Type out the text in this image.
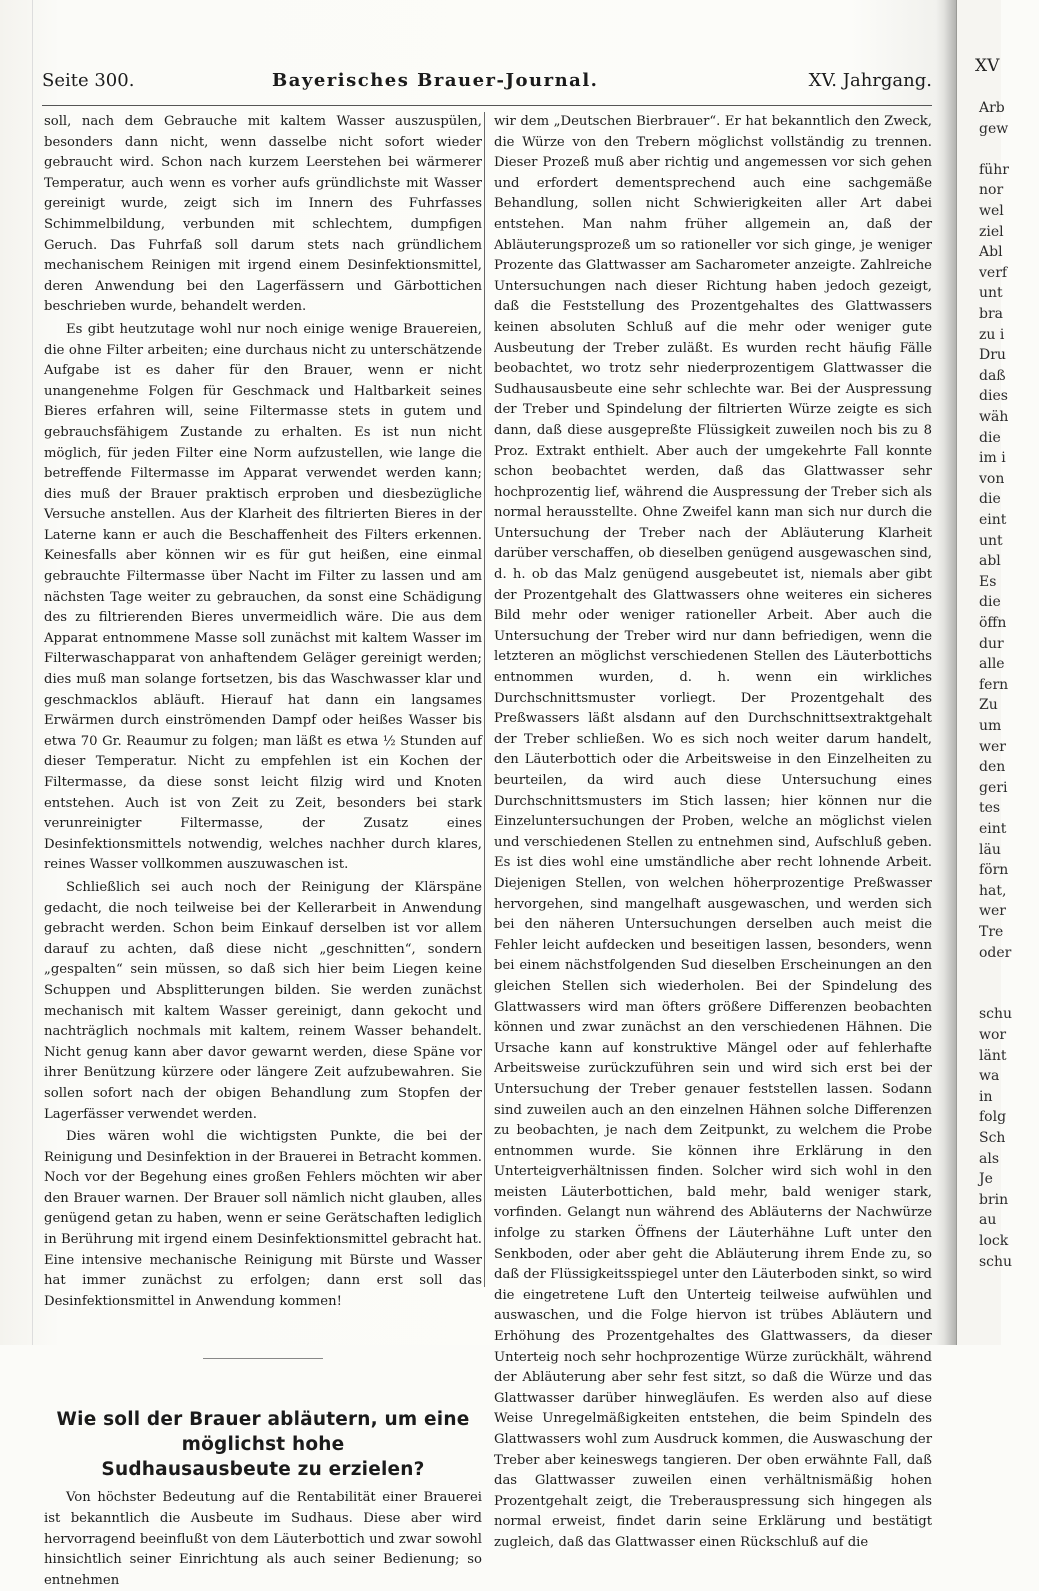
Seite 300.	Bayerisches Brauer-Journal.	XV. Jahrgang.

soll, nach dem Gebrauche mit kaltem Wasser auszuspülen, besonders dann nicht, wenn dasselbe nicht sofort wieder gebraucht wird. Schon nach kurzem Leerstehen bei wärmerer Temperatur, auch wenn es vorher aufs gründlichste mit Wasser gereinigt wurde, zeigt sich im Innern des Fuhrfasses Schimmelbildung, verbunden mit schlechtem, dumpfigen Geruch. Das Fuhrfaß soll darum stets nach gründlichem mechanischem Reinigen mit irgend einem Desinfektionsmittel, deren Anwendung bei den Lagerfässern und Gärbottichen beschrieben wurde, behandelt werden.

Es gibt heutzutage wohl nur noch einige wenige Brauereien, die ohne Filter arbeiten; eine durchaus nicht zu unterschätzende Aufgabe ist es daher für den Brauer, wenn er nicht unangenehme Folgen für Geschmack und Haltbarkeit seines Bieres erfahren will, seine Filtermasse stets in gutem und gebrauchsfähigem Zustande zu erhalten. Es ist nun nicht möglich, für jeden Filter eine Norm aufzustellen, wie lange die betreffende Filtermasse im Apparat verwendet werden kann; dies muß der Brauer praktisch erproben und diesbezügliche Versuche anstellen. Aus der Klarheit des filtrierten Bieres in der Laterne kann er auch die Beschaffenheit des Filters erkennen. Keinesfalls aber können wir es für gut heißen, eine einmal gebrauchte Filtermasse über Nacht im Filter zu lassen und am nächsten Tage weiter zu gebrauchen, da sonst eine Schädigung des zu filtrierenden Bieres unvermeidlich wäre. Die aus dem Apparat entnommene Masse soll zunächst mit kaltem Wasser im Filterwaschapparat von anhaftendem Geläger gereinigt werden; dies muß man solange fortsetzen, bis das Waschwasser klar und geschmacklos abläuft. Hierauf hat dann ein langsames Erwärmen durch einströmenden Dampf oder heißes Wasser bis etwa 70 Gr. Reaumur zu folgen; man läßt es etwa ½ Stunden auf dieser Temperatur. Nicht zu empfehlen ist ein Kochen der Filtermasse, da diese sonst leicht filzig wird und Knoten entstehen. Auch ist von Zeit zu Zeit, besonders bei stark verunreinigter Filtermasse, der Zusatz eines Desinfektionsmittels notwendig, welches nachher durch klares, reines Wasser vollkommen auszuwaschen ist.

Schließlich sei auch noch der Reinigung der Klärspäne gedacht, die noch teilweise bei der Kellerarbeit in Anwendung gebracht werden. Schon beim Einkauf derselben ist vor allem darauf zu achten, daß diese nicht „geschnitten“, sondern „gespalten“ sein müssen, so daß sich hier beim Liegen keine Schuppen und Absplitterungen bilden. Sie werden zunächst mechanisch mit kaltem Wasser gereinigt, dann gekocht und nachträglich nochmals mit kaltem, reinem Wasser behandelt. Nicht genug kann aber davor gewarnt werden, diese Späne vor ihrer Benützung kürzere oder längere Zeit aufzubewahren. Sie sollen sofort nach der obigen Behandlung zum Stopfen der Lagerfässer verwendet werden.

Dies wären wohl die wichtigsten Punkte, die bei der Reinigung und Desinfektion in der Brauerei in Betracht kommen. Noch vor der Begehung eines großen Fehlers möchten wir aber den Brauer warnen. Der Brauer soll nämlich nicht glauben, alles genügend getan zu haben, wenn er seine Gerätschaften lediglich in Berührung mit irgend einem Desinfektionsmittel gebracht hat. Eine intensive mechanische Reinigung mit Bürste und Wasser hat immer zunächst zu erfolgen; dann erst soll das Desinfektionsmittel in Anwendung kommen!

Wie soll der Brauer abläutern, um eine möglichst hohe
Sudhausausbeute zu erzielen?

Von höchster Bedeutung auf die Rentabilität einer Brauerei ist bekanntlich die Ausbeute im Sudhaus. Diese aber wird hervorragend beeinflußt von dem Läuterbottich und zwar sowohl hinsichtlich seiner Einrichtung als auch seiner Bedienung; so entnehmen

wir dem „Deutschen Bierbrauer“. Er hat bekanntlich den Zweck, die Würze von den Trebern möglichst vollständig zu trennen. Dieser Prozeß muß aber richtig und angemessen vor sich gehen und erfordert dementsprechend auch eine sachgemäße Behandlung, sollen nicht Schwierigkeiten aller Art dabei entstehen. Man nahm früher allgemein an, daß der Abläuterungsprozeß um so rationeller vor sich ginge, je weniger Prozente das Glattwasser am Sacharometer anzeigte. Zahlreiche Untersuchungen nach dieser Richtung haben jedoch gezeigt, daß die Feststellung des Prozentgehaltes des Glattwassers keinen absoluten Schluß auf die mehr oder weniger gute Ausbeutung der Treber zuläßt. Es wurden recht häufig Fälle beobachtet, wo trotz sehr niederprozentigem Glattwasser die Sudhausausbeute eine sehr schlechte war. Bei der Auspressung der Treber und Spindelung der filtrierten Würze zeigte es sich dann, daß diese ausgepreßte Flüssigkeit zuweilen noch bis zu 8 Proz. Extrakt enthielt. Aber auch der umgekehrte Fall konnte schon beobachtet werden, daß das Glattwasser sehr hochprozentig lief, während die Auspressung der Treber sich als normal herausstellte. Ohne Zweifel kann man sich nur durch die Untersuchung der Treber nach der Abläuterung Klarheit darüber verschaffen, ob dieselben genügend ausgewaschen sind, d. h. ob das Malz genügend ausgebeutet ist, niemals aber gibt der Prozentgehalt des Glattwassers ohne weiteres ein sicheres Bild mehr oder weniger rationeller Arbeit. Aber auch die Untersuchung der Treber wird nur dann befriedigen, wenn die letzteren an möglichst verschiedenen Stellen des Läuterbottichs entnommen wurden, d. h. wenn ein wirkliches Durchschnittsmuster vorliegt. Der Prozentgehalt des Preßwassers läßt alsdann auf den Durchschnittsextraktgehalt der Treber schließen. Wo es sich noch weiter darum handelt, den Läuterbottich oder die Arbeitsweise in den Einzelheiten zu beurteilen, da wird auch diese Untersuchung eines Durchschnittsmusters im Stich lassen; hier können nur die Einzeluntersuchungen der Proben, welche an möglichst vielen und verschiedenen Stellen zu entnehmen sind, Aufschluß geben. Es ist dies wohl eine umständliche aber recht lohnende Arbeit. Diejenigen Stellen, von welchen höherprozentige Preßwasser hervorgehen, sind mangelhaft ausgewaschen, und werden sich bei den näheren Untersuchungen derselben auch meist die Fehler leicht aufdecken und beseitigen lassen, besonders, wenn bei einem nächstfolgenden Sud dieselben Erscheinungen an den gleichen Stellen sich wiederholen. Bei der Spindelung des Glattwassers wird man öfters größere Differenzen beobachten können und zwar zunächst an den verschiedenen Hähnen. Die Ursache kann auf konstruktive Mängel oder auf fehlerhafte Arbeitsweise zurückzuführen sein und wird sich erst bei der Untersuchung der Treber genauer feststellen lassen. Sodann sind zuweilen auch an den einzelnen Hähnen solche Differenzen zu beobachten, je nach dem Zeitpunkt, zu welchem die Probe entnommen wurde. Sie können ihre Erklärung in den Unterteigverhältnissen finden. Solcher wird sich wohl in den meisten Läuterbottichen, bald mehr, bald weniger stark, vorfinden. Gelangt nun während des Abläuterns der Nachwürze infolge zu starken Öffnens der Läuterhähne Luft unter den Senkboden, oder aber geht die Abläuterung ihrem Ende zu, so daß der Flüssigkeitsspiegel unter den Läuterboden sinkt, so wird die eingetretene Luft den Unterteig teilweise aufwühlen und auswaschen, und die Folge hiervon ist trübes Abläutern und Erhöhung des Prozentgehaltes des Glattwassers, da dieser Unterteig noch sehr hochprozentige Würze zurückhält, während der Abläuterung aber sehr fest sitzt, so daß die Würze und das Glattwasser darüber hinwegläufen. Es werden also auf diese Weise Unregelmäßigkeiten entstehen, die beim Spindeln des Glattwassers wohl zum Ausdruck kommen, die Auswaschung der Treber aber keineswegs tangieren. Der oben erwähnte Fall, daß das Glattwasser zuweilen einen verhältnismäßig hohen Prozentgehalt zeigt, die Treberauspressung sich hingegen als normal erweist, findet darin seine Erklärung und bestätigt zugleich, daß das Glattwasser einen Rückschluß auf die

XV
Arb
gew
führ
nor
wel
ziel
Abl
verf
unt
bra
zu i
Dru
daß
dies
wäh
die
im i
von
die
eint
unt
abl
Es
die
öffn
dur
alle
fern
Zu
um
wer
den
geri
tes
eint
läu
förn
hat,
wer
Tre
oder
schu
wor
länt
wa
in
folg
Sch
als
Je
brin
au
lock
schu
